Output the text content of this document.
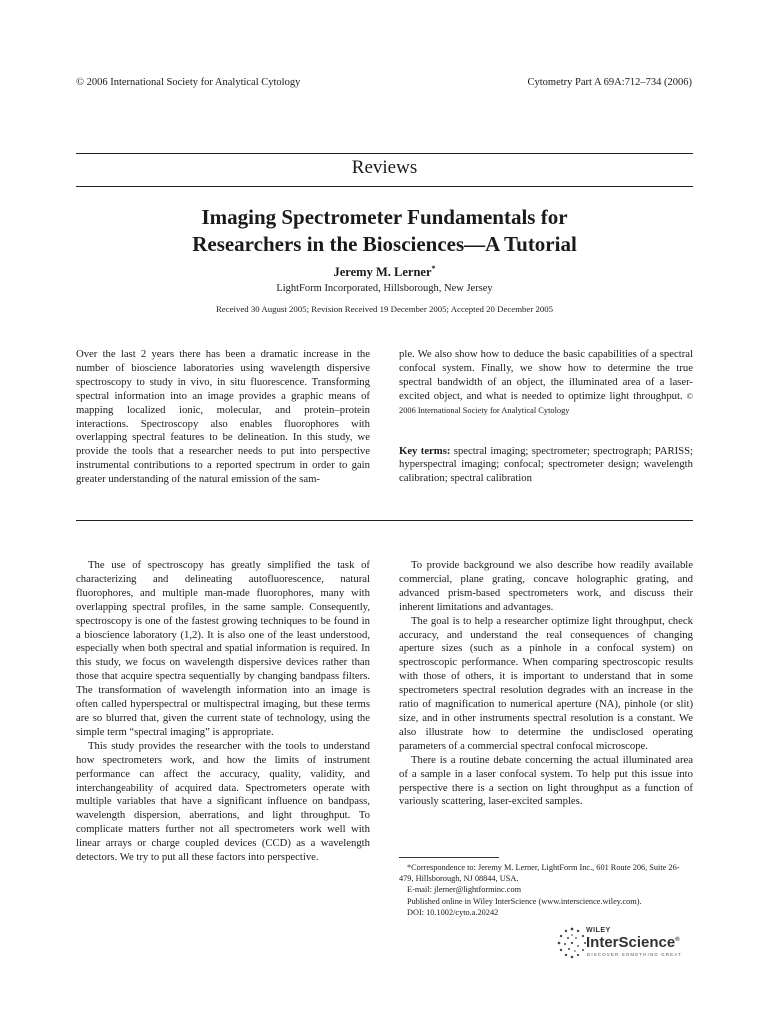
© 2006 International Society for Analytical Cytology	Cytometry Part A 69A:712–734 (2006)
Reviews
Imaging Spectrometer Fundamentals for
Researchers in the Biosciences—A Tutorial
Jeremy M. Lerner*
LightForm Incorporated, Hillsborough, New Jersey
Received 30 August 2005; Revision Received 19 December 2005; Accepted 20 December 2005

Over the last 2 years there has been a dramatic increase in the number of bioscience laboratories using wavelength dispersive spectroscopy to study in vivo, in situ fluorescence. Transforming spectral information into an image provides a graphic means of mapping localized ionic, molecular, and protein–protein interactions. Spectroscopy also enables fluorophores with overlapping spectral features to be delineation. In this study, we provide the tools that a researcher needs to put into perspective instrumental contributions to a reported spectrum in order to gain greater understanding of the natural emission of the sam-

ple. We also show how to deduce the basic capabilities of a spectral confocal system. Finally, we show how to determine the true spectral bandwidth of an object, the illuminated area of a laser-excited object, and what is needed to optimize light throughput. © 2006 International Society for Analytical Cytology

Key terms: spectral imaging; spectrometer; spectrograph; PARISS; hyperspectral imaging; confocal; spectrometer design; wavelength calibration; spectral calibration

The use of spectroscopy has greatly simplified the task of characterizing and delineating autofluorescence, natural fluorophores, and multiple man-made fluorophores, many with overlapping spectral profiles, in the same sample. Consequently, spectroscopy is one of the fastest growing techniques to be found in a bioscience laboratory (1,2). It is also one of the least understood, especially when both spectral and spatial information is required. In this study, we focus on wavelength dispersive devices rather than those that acquire spectra sequentially by changing bandpass filters. The transformation of wavelength information into an image is often called hyperspectral or multispectral imaging, but these terms are so blurred that, given the current state of technology, using the simple term “spectral imaging” is appropriate.

This study provides the researcher with the tools to understand how spectrometers work, and how the limits of instrument performance can affect the accuracy, quality, validity, and interchangeability of acquired data. Spectrometers operate with multiple variables that have a significant influence on bandpass, wavelength dispersion, aberrations, and light throughput. To complicate matters further not all spectrometers work well with linear arrays or charge coupled devices (CCD) as a wavelength detectors. We try to put all these factors into perspective.

To provide background we also describe how readily available commercial, plane grating, concave holographic grating, and advanced prism-based spectrometers work, and discuss their inherent limitations and advantages.

The goal is to help a researcher optimize light throughput, check accuracy, and understand the real consequences of changing aperture sizes (such as a pinhole in a confocal system) on spectroscopic performance. When comparing spectroscopic results with those of others, it is important to understand that in some spectrometers spectral resolution degrades with an increase in the ratio of magnification to numerical aperture (NA), pinhole (or slit) size, and in other instruments spectral resolution is a constant. We also illustrate how to determine the undisclosed operating parameters of a commercial spectral confocal microscope.

There is a routine debate concerning the actual illuminated area of a sample in a laser confocal system. To help put this issue into perspective there is a section on light throughput as a function of variously scattering, laser-excited samples.

*Correspondence to: Jeremy M. Lerner, LightForm Inc., 601 Route 206, Suite 26-479, Hillsborough, NJ 08844, USA.

E-mail: jlerner@lightforminc.com

Published online in Wiley InterScience (www.interscience.wiley.com).

DOI: 10.1002/cyto.a.20242

WILEY
InterScience®
DISCOVER SOMETHING GREAT
